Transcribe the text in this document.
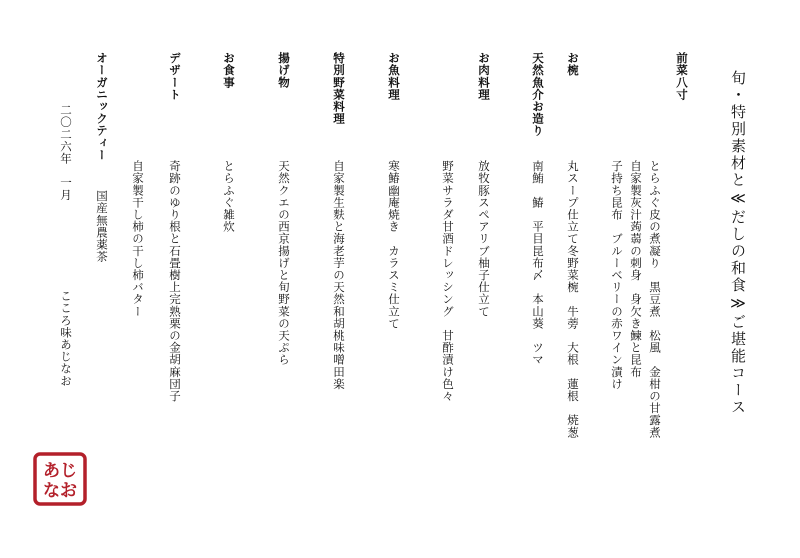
旬・特別素材と≪だしの和食≫ご堪能コース
前菜八寸
とらふぐ皮の煮凝り　黒豆煮　松風　金柑の甘露煮
自家製灰汁蒟蒻の刺身　身欠き鰊と昆布
子持ち昆布　ブルーベリーの赤ワイン漬け
お椀
丸スープ仕立て冬野菜椀　牛蒡　大根　蓮根　焼葱
天然魚介お造り
南鮪　鰆　平目昆布〆　本山葵　ツマ
お肉料理
放牧豚スペアリブ柚子仕立て
野菜サラダ甘酒ドレッシング　甘酢漬け色々
お魚料理
寒鰆幽庵焼き　カラスミ仕立て
特別野菜料理
自家製生麩と海老芋の天然和胡桃味噌田楽
揚げ物
天然クエの西京揚げと旬野菜の天ぷら
お食事
とらふぐ雑炊
デザート
奇跡のゆり根と石畳樹上完熟栗の金胡麻団子
自家製干し柿の干し柿バター
オーガニックティー
国産無農薬茶
二〇二六年　一月
こころ味あじなお
あじ
なお
